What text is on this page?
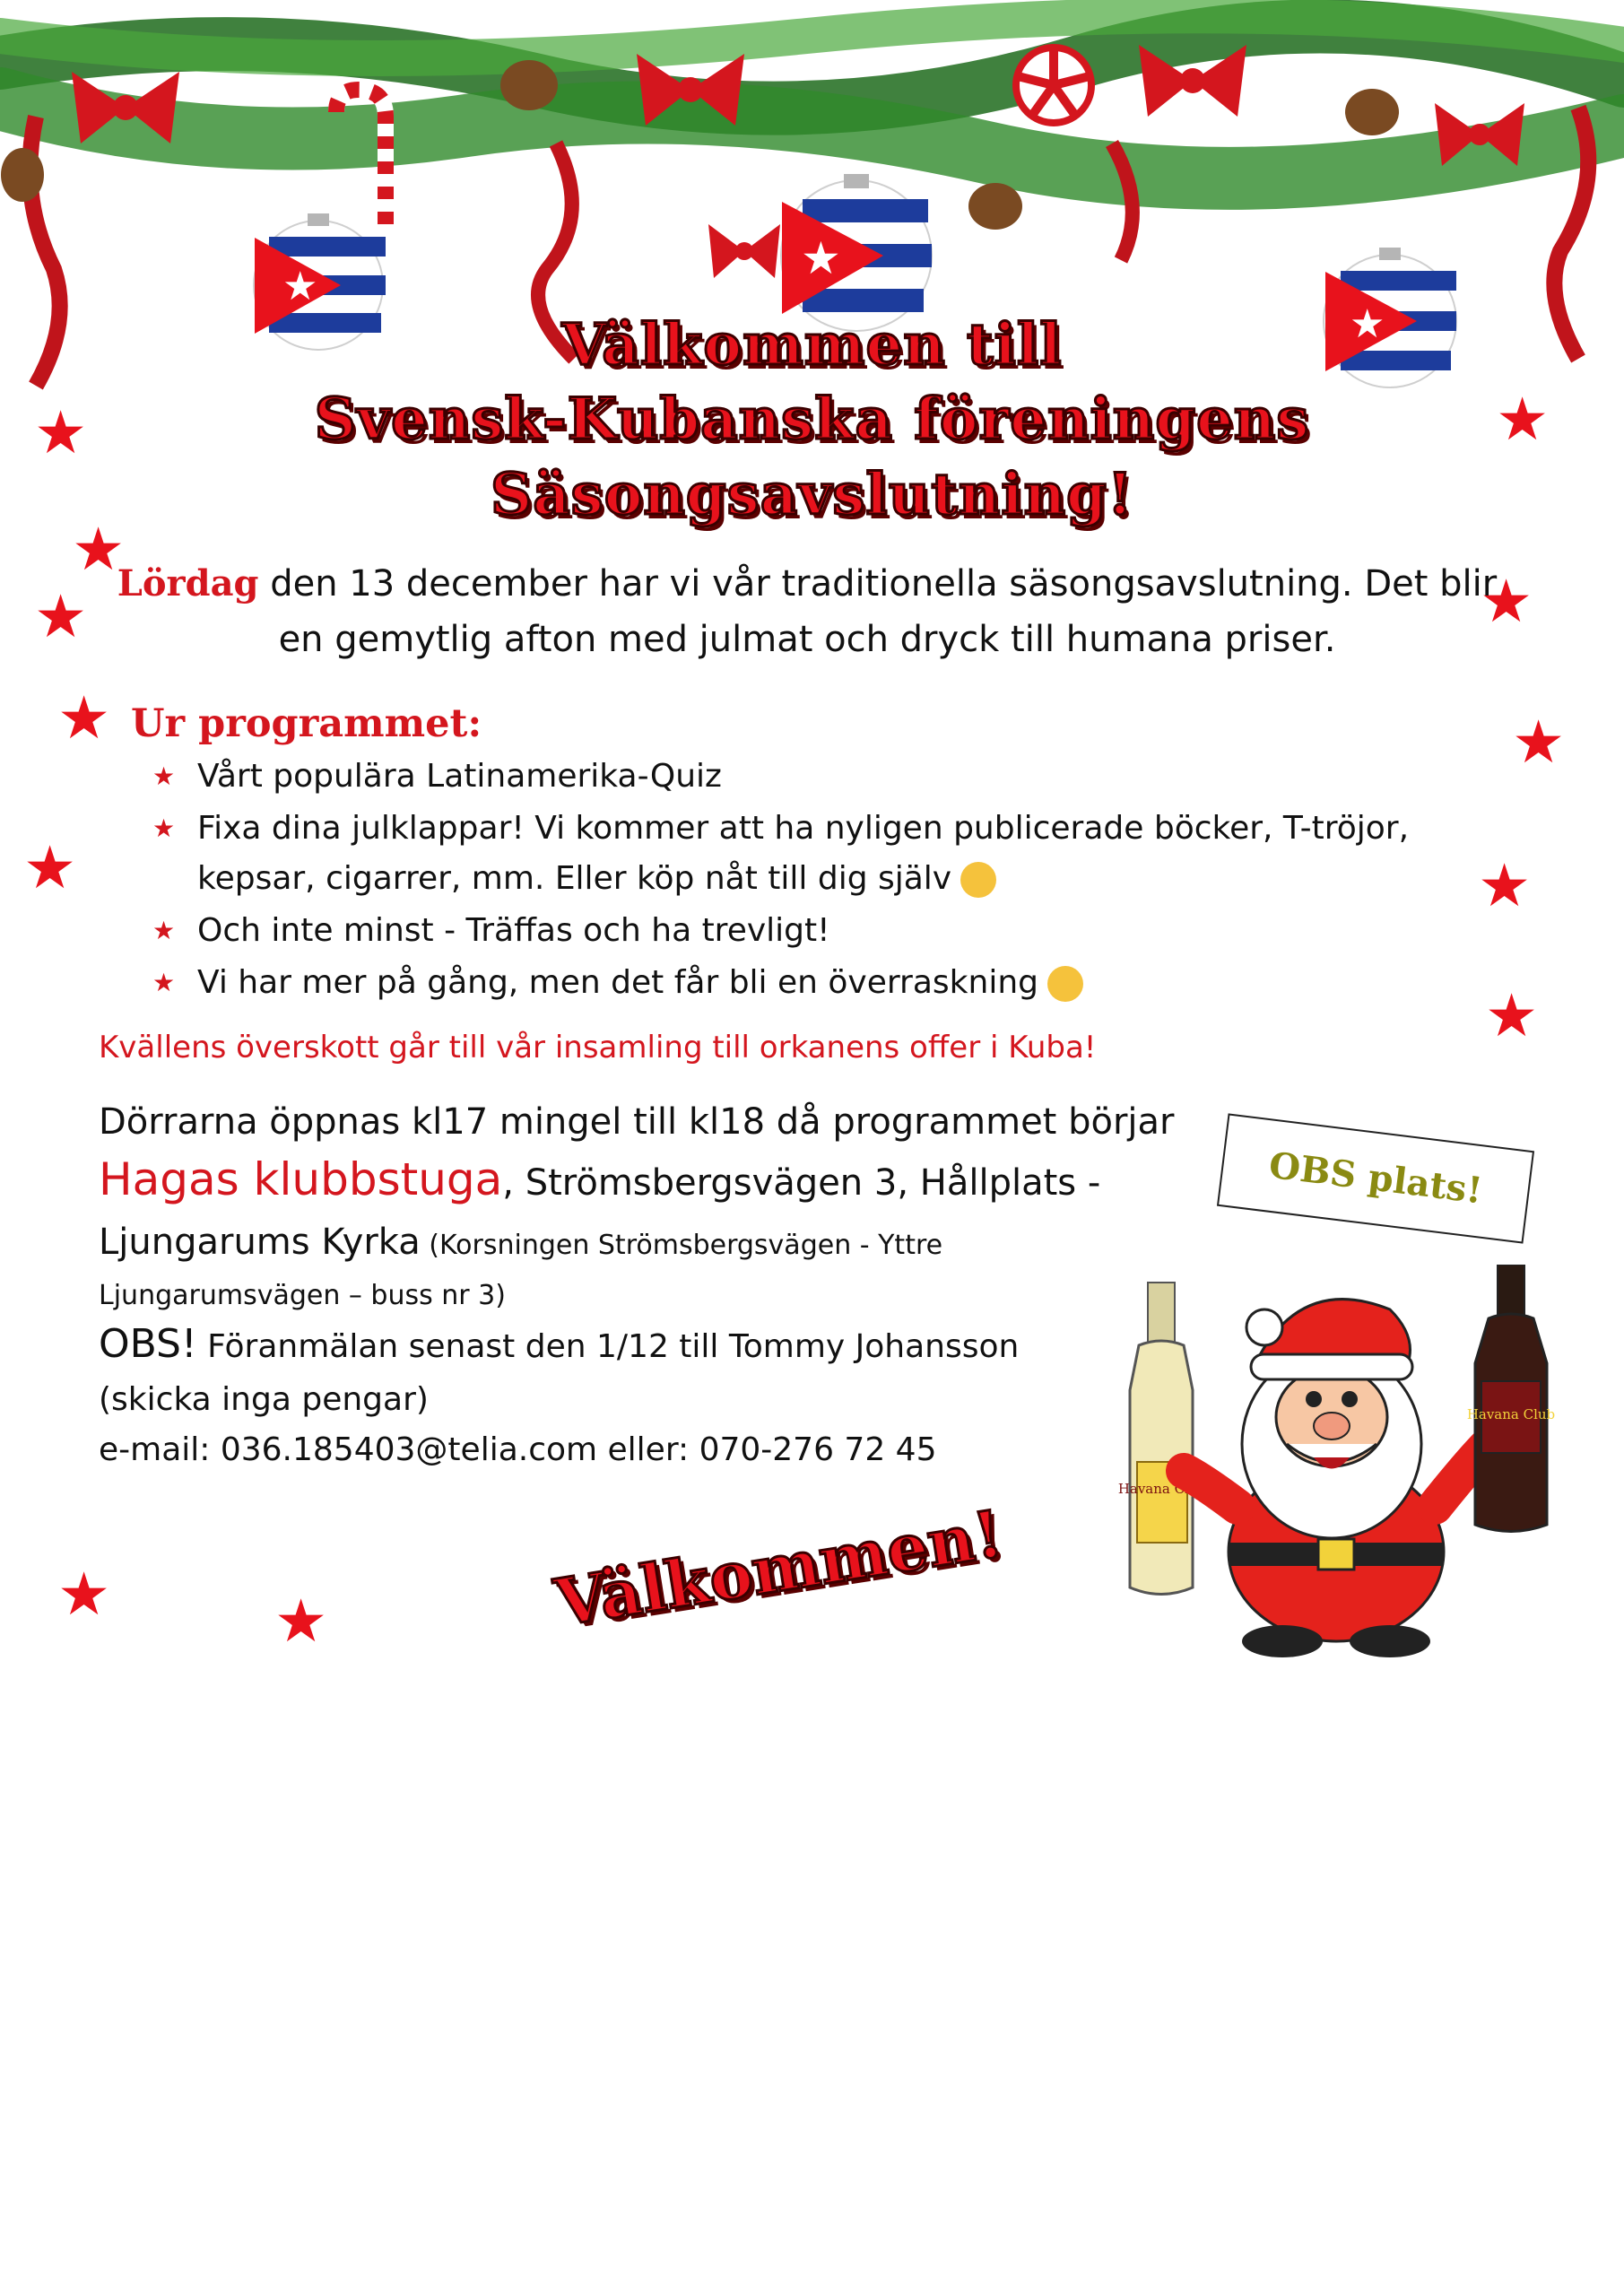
★
★
★
Välkommen till
Svensk-Kubanska föreningens
Säsongsavslutning!
★	★
★
★	★
★	★
★	★
★
★	★
Lördag den 13 december har vi vår traditionella säsongsavslutning. Det blir
en gemytlig afton med julmat och dryck till humana priser.
Ur programmet:
★ Vårt populära Latinamerika-Quiz
★ Fixa dina julklappar! Vi kommer att ha nyligen publicerade böcker, T-tröjor, kepsar, cigarrer, mm. Eller köp nåt till dig själv
★ Och inte minst - Träffas och ha trevligt!
★ Vi har mer på gång, men det får bli en överraskning
Kvällens överskott går till vår insamling till orkanens offer i Kuba!
Dörrarna öppnas kl17 mingel till kl18 då programmet börjar
Hagas klubbstuga, Strömsbergsvägen 3, Hållplats -
Ljungarums Kyrka (Korsningen Strömsbergsvägen - Yttre
Ljungarumsvägen – buss nr 3)
OBS! Föranmälan senast den 1/12 till Tommy Johansson
(skicka inga pengar)
e-mail: 036.185403@telia.com eller: 070-276 72 45
OBS plats!
Välkommen!
Havana Club
Havana Club
